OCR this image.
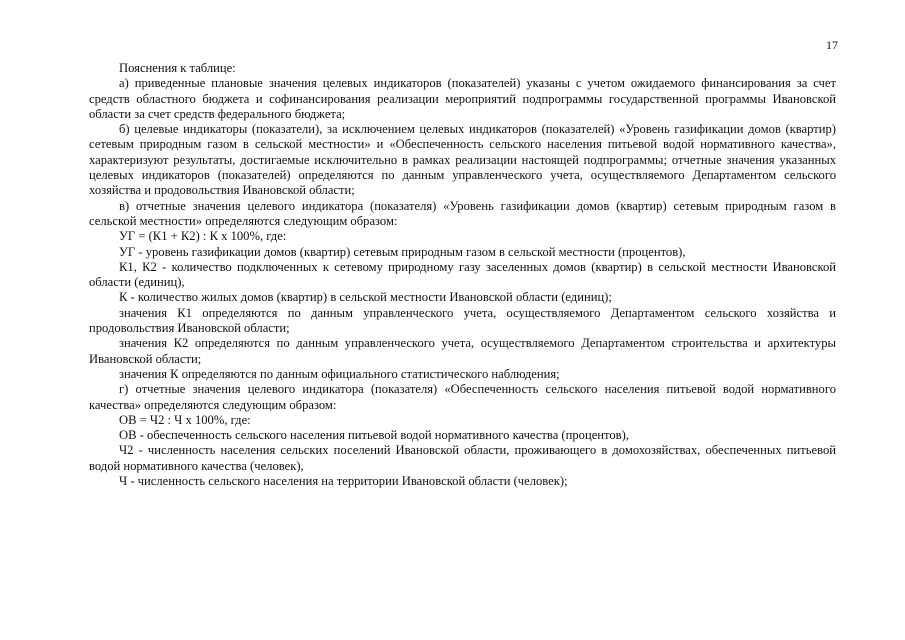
17

Пояснения к таблице:

а) приведенные плановые значения целевых индикаторов (показателей) указаны с учетом ожидаемого финансирования за счет средств областного бюджета и софинансирования реализации мероприятий подпрограммы государственной программы Ивановской области за счет средств федерального бюджета;

б) целевые индикаторы (показатели), за исключением целевых индикаторов (показателей) «Уровень газификации домов (квартир) сетевым природным газом в сельской местности» и «Обеспеченность сельского населения питьевой водой нормативного качества», характеризуют результаты, достигаемые исключительно в рамках реализации настоящей подпрограммы; отчетные значения указанных целевых индикаторов (показателей) определяются по данным управленческого учета, осуществляемого Департаментом сельского хозяйства и продовольствия Ивановской области;

в) отчетные значения целевого индикатора (показателя) «Уровень газификации домов (квартир) сетевым природным газом в сельской местности» определяются следующим образом:

УГ = (К1 + К2) : К x 100%, где:

УГ - уровень газификации домов (квартир) сетевым природным газом в сельской местности (процентов),

К1, К2 - количество подключенных к сетевому природному газу заселенных домов (квартир) в сельской местности Ивановской области (единиц),

К - количество жилых домов (квартир) в сельской местности Ивановской области (единиц);

значения К1 определяются по данным управленческого учета, осуществляемого Департаментом сельского хозяйства и продовольствия Ивановской области;

значения К2 определяются по данным управленческого учета, осуществляемого Департаментом строительства и архитектуры Ивановской области;

значения К определяются по данным официального статистического наблюдения;

г) отчетные значения целевого индикатора (показателя) «Обеспеченность сельского населения питьевой водой нормативного качества» определяются следующим образом:

ОВ = Ч2 : Ч x 100%, где:

ОВ - обеспеченность сельского населения питьевой водой нормативного качества (процентов),

Ч2 - численность населения сельских поселений Ивановской области, проживающего в домохозяйствах, обеспеченных питьевой водой нормативного качества (человек),

Ч - численность сельского населения на территории Ивановской области (человек);
